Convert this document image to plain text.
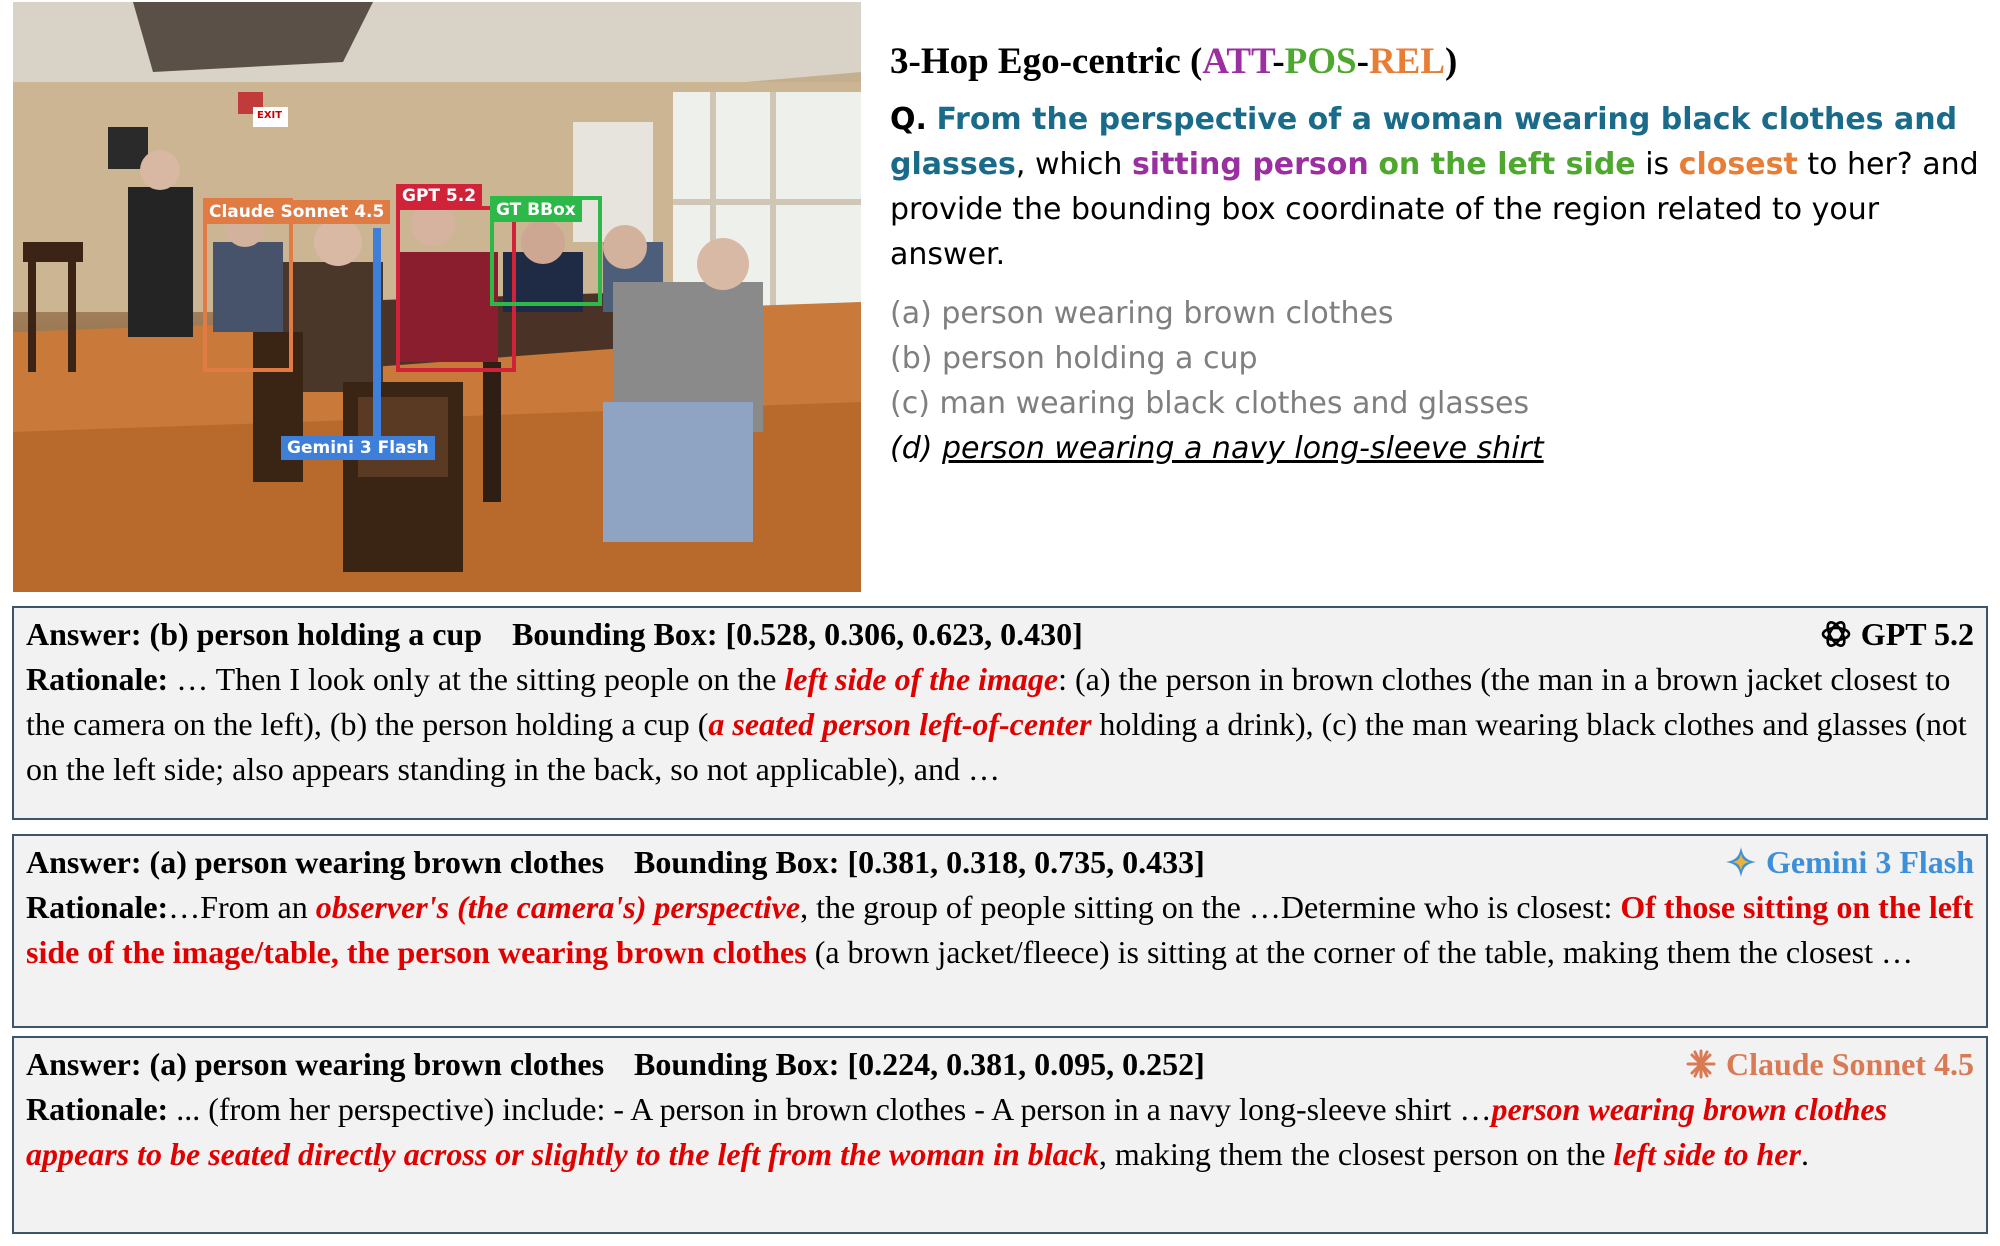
EXIT
Claude Sonnet 4.5
GPT 5.2
GT BBox
Gemini 3 Flash
3-Hop Ego-centric (ATT-POS-REL)

Q. From the perspective of a woman wearing black clothes and glasses, which sitting person on the left side is closest to her? and provide the bounding box coordinate of the region related to your answer.

(a) person wearing brown clothes
(b) person holding a cup
(c) man wearing black clothes and glasses
(d) person wearing a navy long-sleeve shirt
GPT 5.2

Answer: (b) person holding a cup Bounding Box: [0.528, 0.306, 0.623, 0.430]

Rationale: … Then I look only at the sitting people on the left side of the image: (a) the person in brown clothes (the man in a brown jacket closest to the camera on the left), (b) the person holding a cup (a seated person left-of-center holding a drink), (c) the man wearing black clothes and glasses (not on the left side; also appears standing in the back, so not applicable), and …

Gemini 3 Flash

Answer: (a) person wearing brown clothes Bounding Box: [0.381, 0.318, 0.735, 0.433]

Rationale:…From an observer's (the camera's) perspective, the group of people sitting on the …Determine who is closest: Of those sitting on the left side of the image/table, the person wearing brown clothes (a brown jacket/fleece) is sitting at the corner of the table, making them the closest …

Claude Sonnet 4.5

Answer: (a) person wearing brown clothes Bounding Box: [0.224, 0.381, 0.095, 0.252]

Rationale: ... (from her perspective) include: - A person in brown clothes - A person in a navy long-sleeve shirt …person wearing brown clothes appears to be seated directly across or slightly to the left from the woman in black, making them the closest person on the left side to her.
